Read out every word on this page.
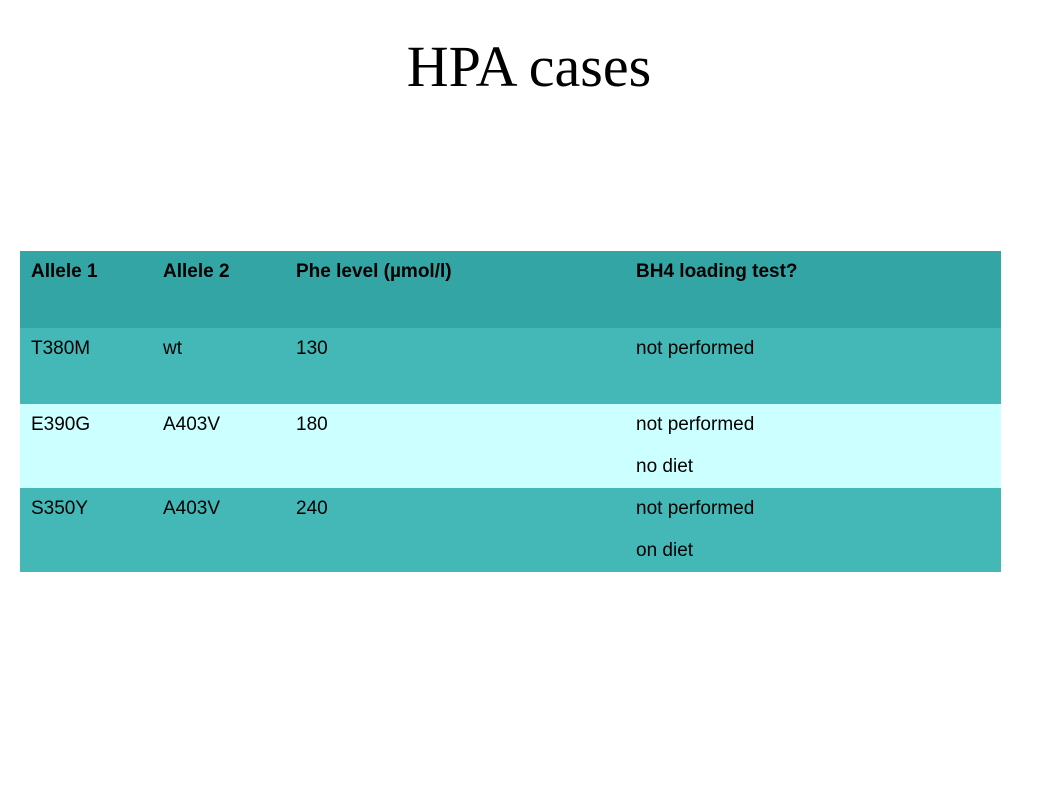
HPA cases
Allele 1	Allele 2	Phe level (µmol/l)	BH4 loading test?
T380M	wt	130	not performed
E390G	A403V	180	not performed
no diet
S350Y	A403V	240	not performed
on diet
